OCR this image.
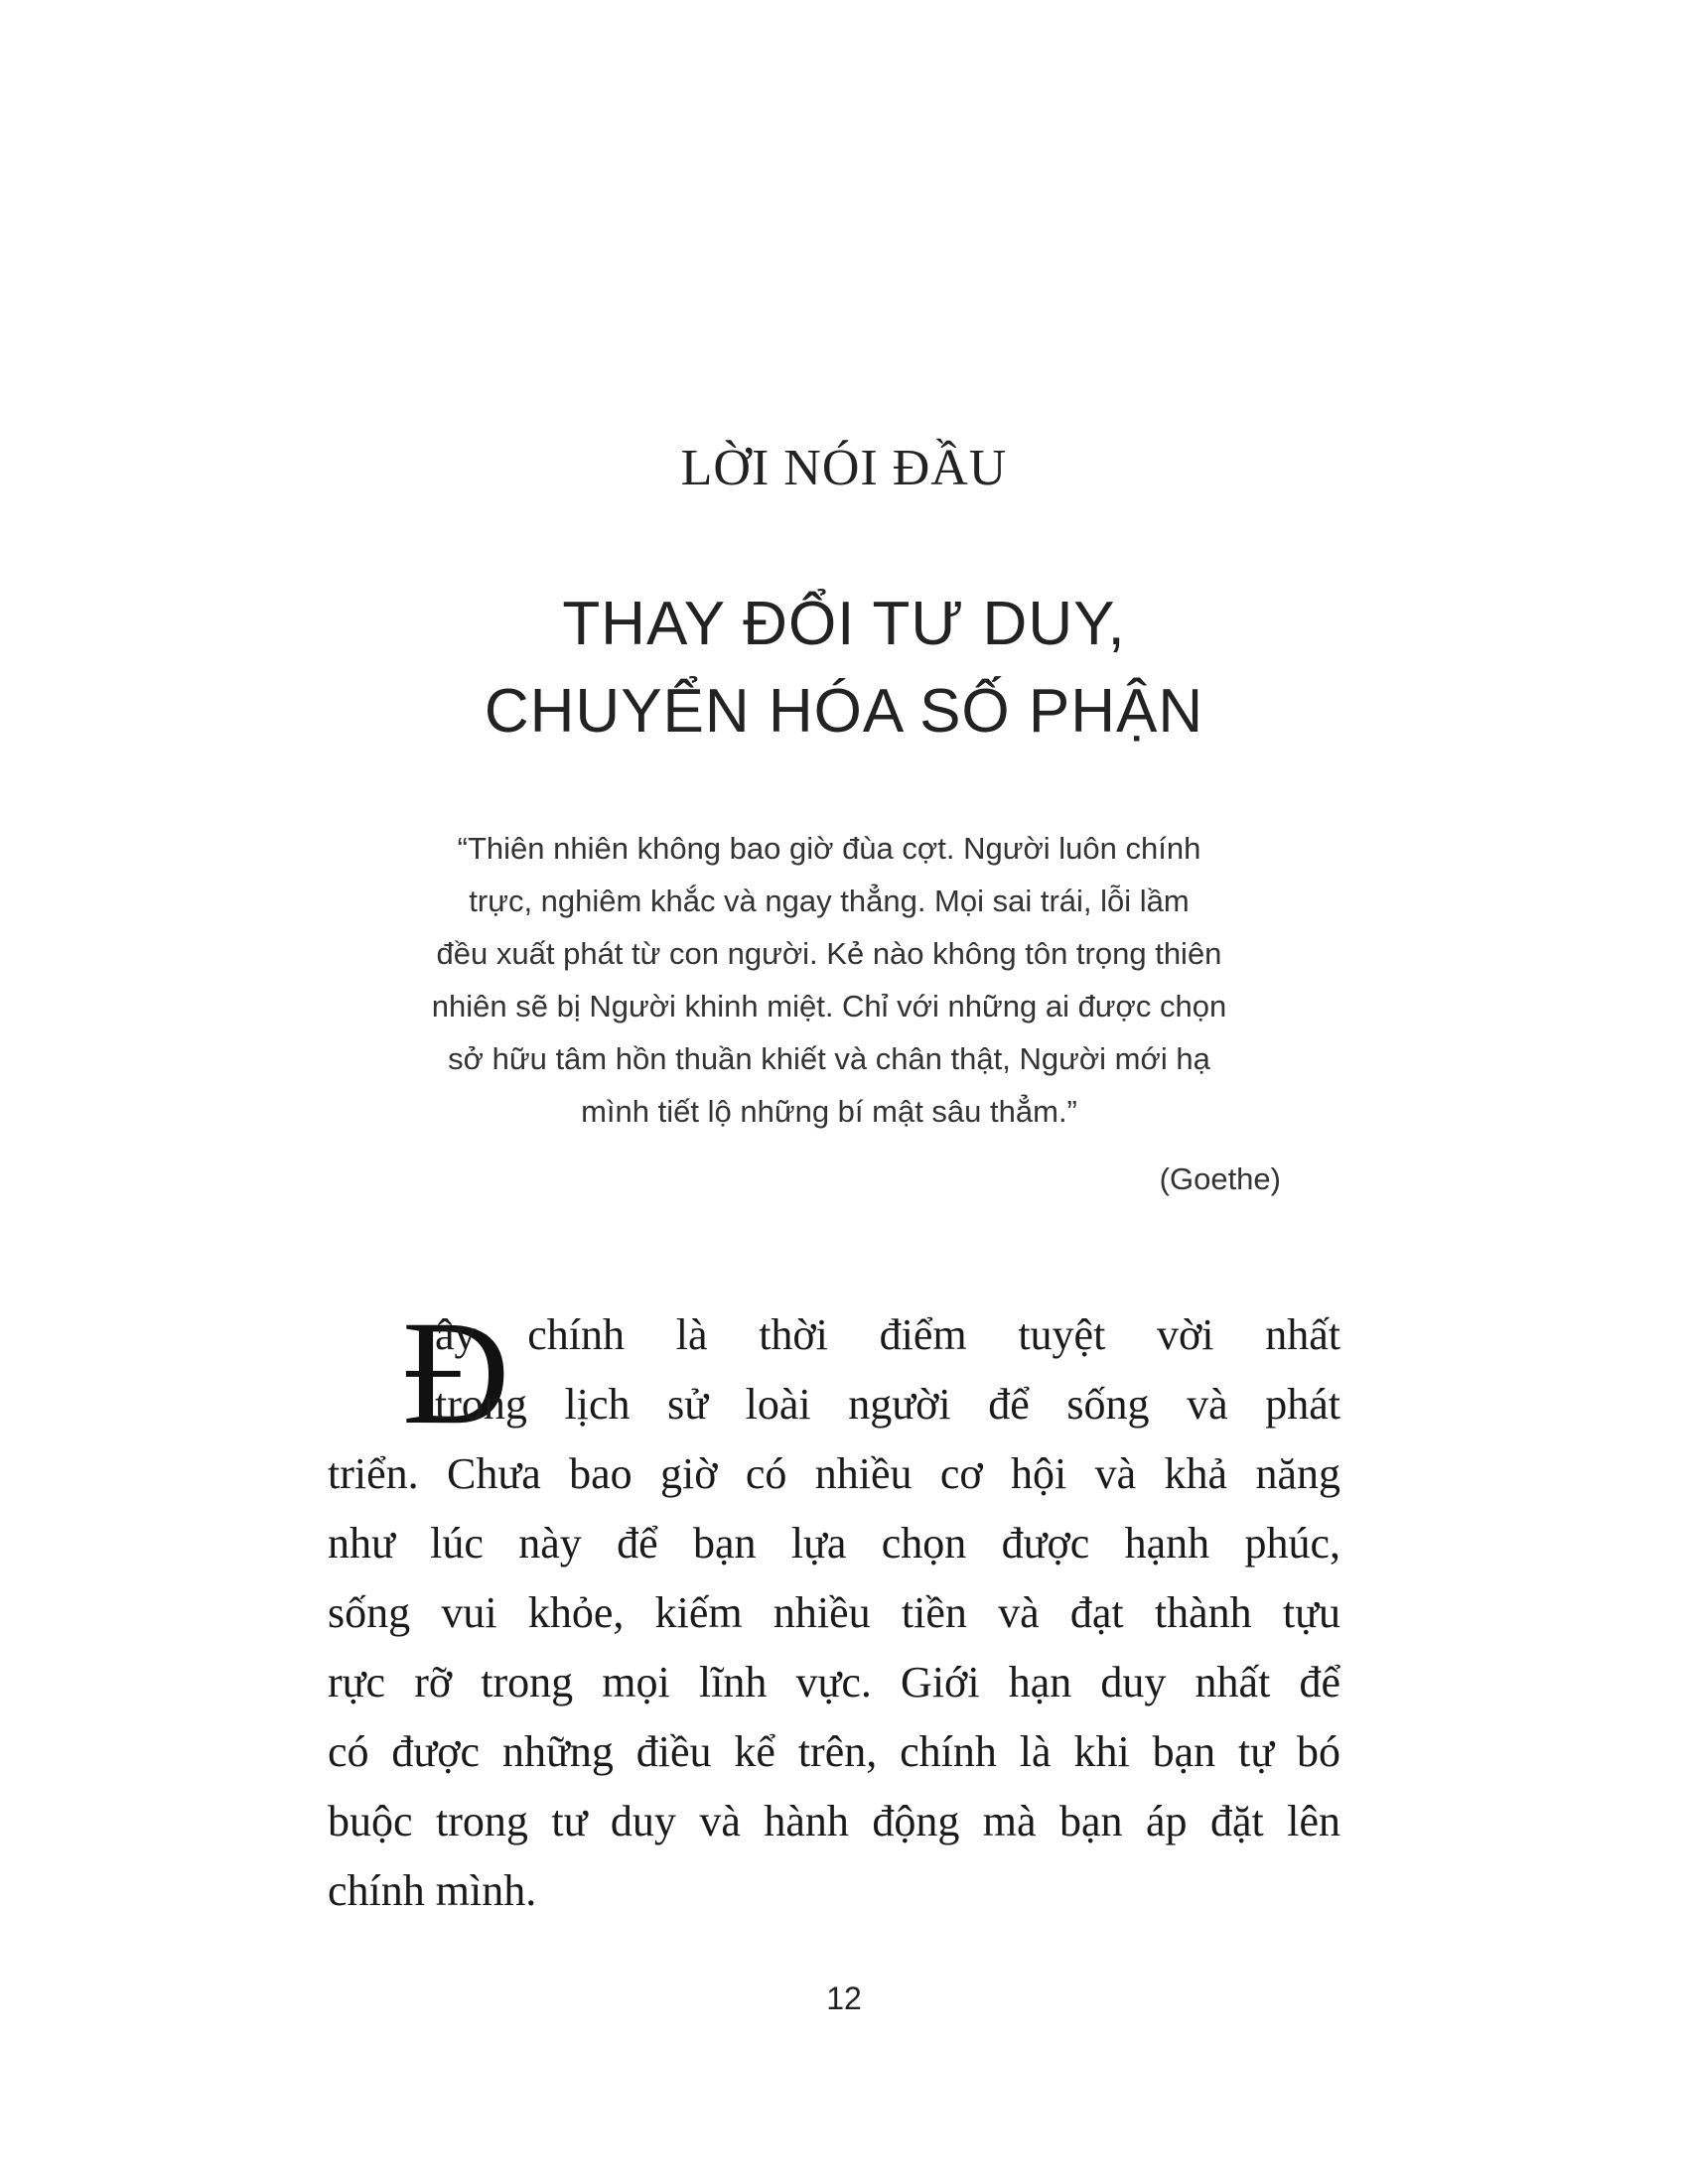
LỜI NÓI ĐẦU
THAY ĐỔI TƯ DUY,
CHUYỂN HÓA SỐ PHẬN
“Thiên nhiên không bao giờ đùa cợt. Người luôn chính
trực, nghiêm khắc và ngay thẳng. Mọi sai trái, lỗi lầm
đều xuất phát từ con người. Kẻ nào không tôn trọng thiên
nhiên sẽ bị Người khinh miệt. Chỉ với những ai được chọn
sở hữu tâm hồn thuần khiết và chân thật, Người mới hạ
mình tiết lộ những bí mật sâu thẳm.”
(Goethe)
Đ
ây chính là thời điểm tuyệt vời nhất
trong lịch sử loài người để sống và phát
triển. Chưa bao giờ có nhiều cơ hội và khả năng
như lúc này để bạn lựa chọn được hạnh phúc,
sống vui khỏe, kiếm nhiều tiền và đạt thành tựu
rực rỡ trong mọi lĩnh vực. Giới hạn duy nhất để
có được những điều kể trên, chính là khi bạn tự bó
buộc trong tư duy và hành động mà bạn áp đặt lên
chính mình.
12
